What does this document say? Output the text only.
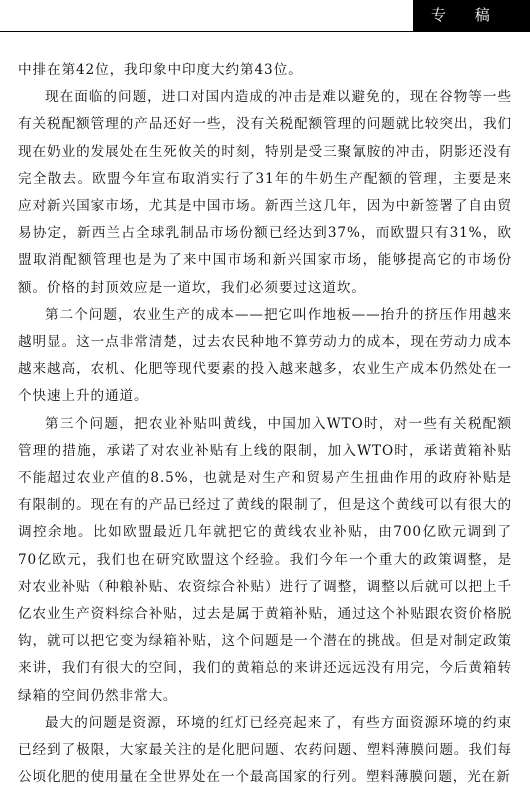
专 稿

中排在第42位，我印象中印度大约第43位。

现在面临的问题，进口对国内造成的冲击是难以避免的，现在谷物等一些有关税配额管理的产品还好一些，没有关税配额管理的问题就比较突出，我们现在奶业的发展处在生死攸关的时刻，特别是受三聚氰胺的冲击，阴影还没有完全散去。欧盟今年宣布取消实行了31年的牛奶生产配额的管理，主要是来应对新兴国家市场，尤其是中国市场。新西兰这几年，因为中新签署了自由贸易协定，新西兰占全球乳制品市场份额已经达到37%，而欧盟只有31%，欧盟取消配额管理也是为了来中国市场和新兴国家市场，能够提高它的市场份额。价格的封顶效应是一道坎，我们必须要过这道坎。

第二个问题，农业生产的成本——把它叫作地板——抬升的挤压作用越来越明显。这一点非常清楚，过去农民种地不算劳动力的成本，现在劳动力成本越来越高，农机、化肥等现代要素的投入越来越多，农业生产成本仍然处在一个快速上升的通道。

第三个问题，把农业补贴叫黄线，中国加入WTO时，对一些有关税配额管理的措施，承诺了对农业补贴有上线的限制，加入WTO时，承诺黄箱补贴不能超过农业产值的8.5%，也就是对生产和贸易产生扭曲作用的政府补贴是有限制的。现在有的产品已经过了黄线的限制了，但是这个黄线可以有很大的调控余地。比如欧盟最近几年就把它的黄线农业补贴，由700亿欧元调到了70亿欧元，我们也在研究欧盟这个经验。我们今年一个重大的政策调整，是对农业补贴（种粮补贴、农资综合补贴）进行了调整，调整以后就可以把上千亿农业生产资料综合补贴，过去是属于黄箱补贴，通过这个补贴跟农资价格脱钩，就可以把它变为绿箱补贴，这个问题是一个潜在的挑战。但是对制定政策来讲，我们有很大的空间，我们的黄箱总的来讲还远远没有用完，今后黄箱转绿箱的空间仍然非常大。

最大的问题是资源，环境的红灯已经亮起来了，有些方面资源环境的约束已经到了极限，大家最关注的是化肥问题、农药问题、塑料薄膜问题。我们每公顷化肥的使用量在全世界处在一个最高国家的行列。塑料薄膜问题，光在新
